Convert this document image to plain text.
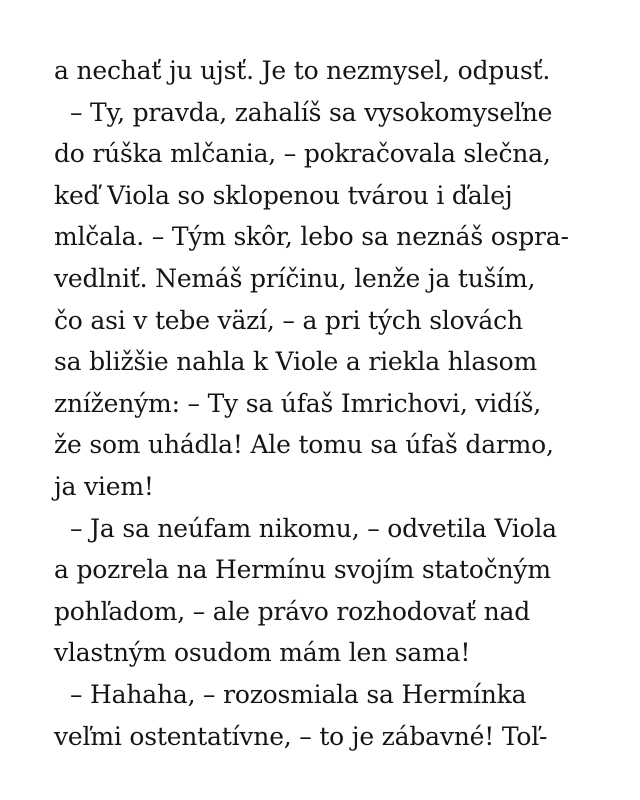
a nechať ju ujsť. Je to nezmysel, odpusť.
– Ty, pravda, zahalíš sa vysokomyseľne
do rúška mlčania, – pokračovala slečna,
keď Viola so sklopenou tvárou i ďalej
mlčala. – Tým skôr, lebo sa neznáš ospra-
vedlniť. Nemáš príčinu, lenže ja tuším,
čo asi v tebe väzí, – a pri tých slovách
sa bližšie nahla k Viole a riekla hlasom
zníženým: – Ty sa úfaš Imrichovi, vidíš,
že som uhádla! Ale tomu sa úfaš darmo,
ja viem!
– Ja sa neúfam nikomu, – odvetila Viola
a pozrela na Hermínu svojím statočným
pohľadom, – ale právo rozhodovať nad
vlastným osudom mám len sama!
– Hahaha, – rozosmiala sa Hermínka
veľmi ostentatívne, – to je zábavné! Toľ-
